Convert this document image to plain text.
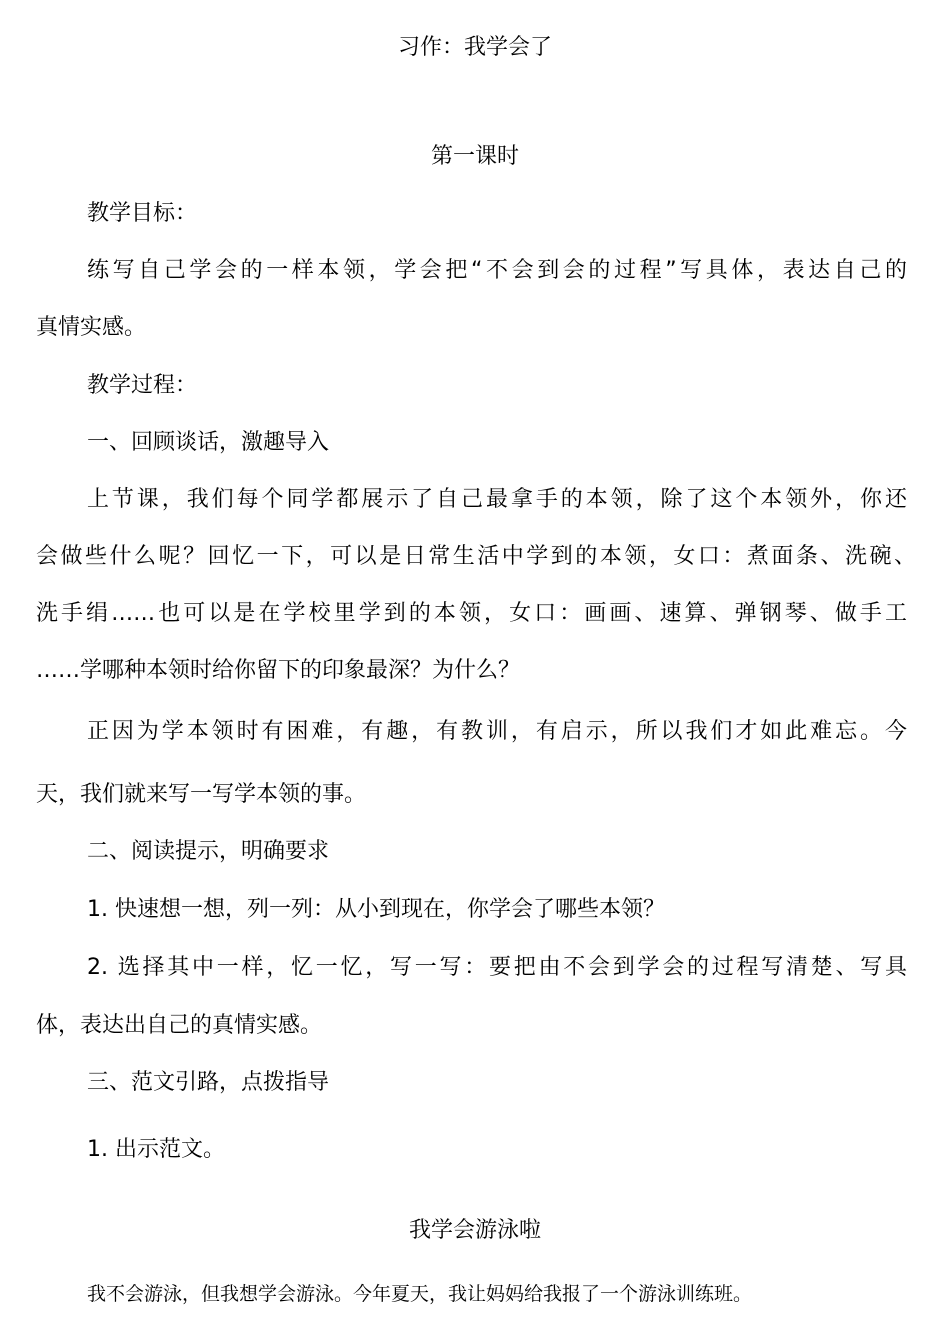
习作：我学会了

第一课时

教学目标：

练写自己学会的一样本领，学会把“不会到会的过程”写具体，表达自己的

真情实感。

教学过程：

一、回顾谈话，激趣导入

上节课，我们每个同学都展示了自己最拿手的本领，除了这个本领外，你还

会做些什么呢？回忆一下，可以是日常生活中学到的本领，女口：煮面条、洗碗、

洗手绢……也可以是在学校里学到的本领，女口：画画、速算、弹钢琴、做手工

……学哪种本领时给你留下的印象最深？为什么？

正因为学本领时有困难，有趣，有教训，有启示，所以我们才如此难忘。今

天，我们就来写一写学本领的事。

二、阅读提示，明确要求

1. 快速想一想，列一列：从小到现在，你学会了哪些本领？

2. 选择其中一样，忆一忆，写一写：要把由不会到学会的过程写清楚、写具

体，表达出自己的真情实感。

三、范文引路，点拨指导

1. 出示范文。

我学会游泳啦

我不会游泳，但我想学会游泳。今年夏天，我让妈妈给我报了一个游泳训练班。
